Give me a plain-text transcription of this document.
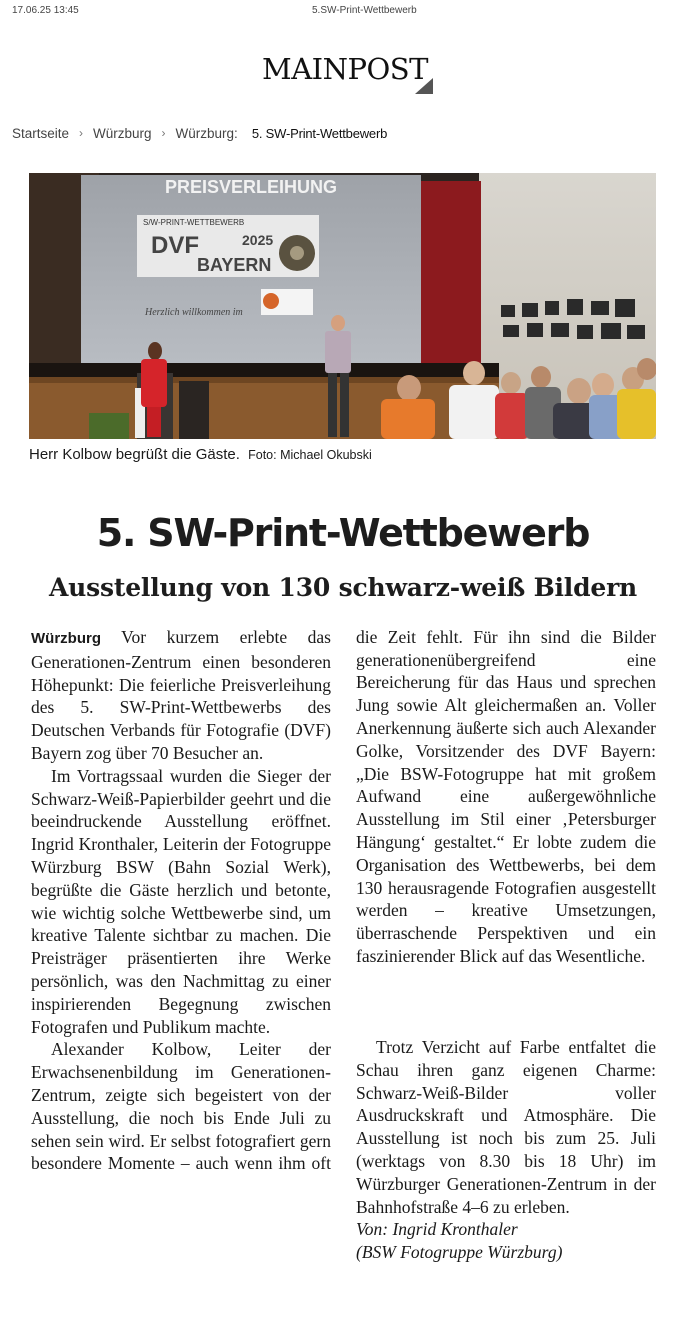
17.06.25 13:45	5.SW-Print-Wettbewerb
MAINPOST
Startseite › Würzburg › Würzburg: 5. SW-Print-Wettbewerb
PREISVERLEIHUNG
S/W-PRINT-WETTBEWERB
DVF	2025
BAYERN
Herzlich willkommen im
Herr Kolbow begrüßt die Gäste. Foto: Michael Okubski
5. SW-Print-Wettbewerb
Ausstellung von 130 schwarz-weiß Bildern

Würzburg Vor kurzem erlebte das Generationen-Zentrum einen besonderen Höhepunkt: Die feierliche Preisverleihung des 5. SW-Print-Wettbewerbs des Deutschen Verbands für Fotografie (DVF) Bayern zog über 70 Besucher an.

Im Vortragssaal wurden die Sieger der Schwarz-Weiß-Papierbilder geehrt und die beeindruckende Ausstellung eröffnet. Ingrid Kronthaler, Leiterin der Fotogruppe Würzburg BSW (Bahn Sozial Werk), begrüßte die Gäste herzlich und betonte, wie wichtig solche Wettbewerbe sind, um kreative Talente sichtbar zu machen. Die Preisträger präsentierten ihre Werke persönlich, was den Nachmittag zu einer inspirierenden Begegnung zwischen Fotografen und Publikum machte.

Alexander Kolbow, Leiter der Erwachsenenbildung im Generationen-Zentrum, zeigte sich begeistert von der Ausstellung, die noch bis Ende Juli zu sehen sein wird. Er selbst fotografiert gern besondere Momente – auch wenn ihm oft

die Zeit fehlt. Für ihn sind die Bilder generationenübergreifend eine Bereicherung für das Haus und sprechen Jung sowie Alt gleichermaßen an. Voller Anerkennung äußerte sich auch Alexander Golke, Vorsitzender des DVF Bayern: „Die BSW-Fotogruppe hat mit großem Aufwand eine außergewöhnliche Ausstellung im Stil einer ‚Petersburger Hängung‘ gestaltet.“ Er lobte zudem die Organisation des Wettbewerbs, bei dem 130 herausragende Fotografien ausgestellt werden – kreative Umsetzungen, überraschende Perspektiven und ein faszinierender Blick auf das Wesentliche.

Trotz Verzicht auf Farbe entfaltet die Schau ihren ganz eigenen Charme: Schwarz-Weiß-Bilder voller Ausdruckskraft und Atmosphäre. Die Ausstellung ist noch bis zum 25. Juli (werktags von 8.30 bis 18 Uhr) im Würzburger Generationen-Zentrum in der Bahnhofstraße 4–6 zu erleben.

Von: Ingrid Kronthaler

(BSW Fotogruppe Würzburg)
